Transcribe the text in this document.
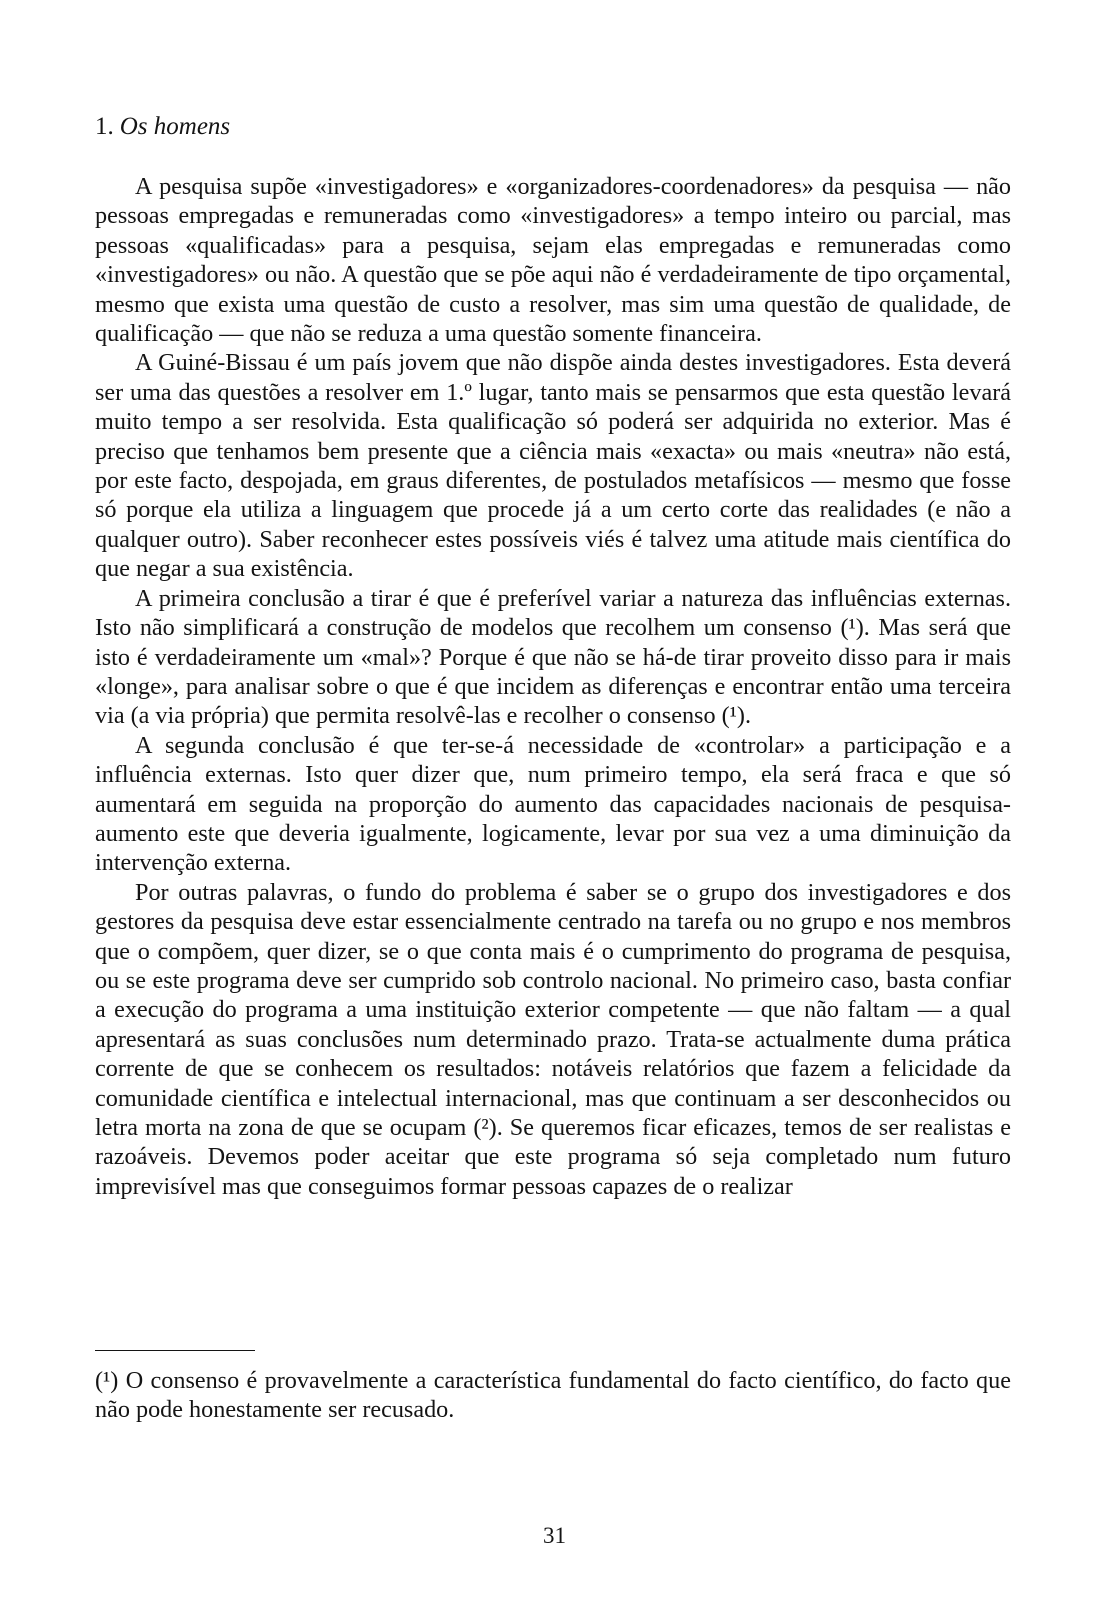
1. Os homens

A pesquisa supõe «investigadores» e «organizadores-coordenadores» da pesquisa — não pessoas empregadas e remuneradas como «investigadores» a tempo inteiro ou parcial, mas pessoas «qualificadas» para a pesquisa, sejam elas empregadas e remuneradas como «investigadores» ou não. A questão que se põe aqui não é verdadeiramente de tipo orçamental, mesmo que exista uma questão de custo a resolver, mas sim uma questão de qualidade, de qualificação — que não se reduza a uma questão somente financeira.

A Guiné-Bissau é um país jovem que não dispõe ainda destes investigadores. Esta deverá ser uma das questões a resolver em 1.º lugar, tanto mais se pensarmos que esta questão levará muito tempo a ser resolvida. Esta qualificação só poderá ser adquirida no exterior. Mas é preciso que tenhamos bem presente que a ciência mais «exacta» ou mais «neutra» não está, por este facto, despojada, em graus diferentes, de postulados metafísicos — mesmo que fosse só porque ela utiliza a linguagem que procede já a um certo corte das realidades (e não a qualquer outro). Saber reconhecer estes possíveis viés é talvez uma atitude mais científica do que negar a sua existência.

A primeira conclusão a tirar é que é preferível variar a natureza das influências externas. Isto não simplificará a construção de modelos que recolhem um consenso (¹). Mas será que isto é verdadeiramente um «mal»? Porque é que não se há-de tirar proveito disso para ir mais «longe», para analisar sobre o que é que incidem as diferenças e encontrar então uma terceira via (a via própria) que permita resolvê-las e recolher o consenso (¹).

A segunda conclusão é que ter-se-á necessidade de «controlar» a participação e a influência externas. Isto quer dizer que, num primeiro tempo, ela será fraca e que só aumentará em seguida na proporção do aumento das capacidades nacionais de pesquisa-aumento este que deveria igualmente, logicamente, levar por sua vez a uma diminuição da intervenção externa.

Por outras palavras, o fundo do problema é saber se o grupo dos investigadores e dos gestores da pesquisa deve estar essencialmente centrado na tarefa ou no grupo e nos membros que o compõem, quer dizer, se o que conta mais é o cumprimento do programa de pesquisa, ou se este programa deve ser cumprido sob controlo nacional. No primeiro caso, basta confiar a execução do programa a uma instituição exterior competente — que não faltam — a qual apresentará as suas conclusões num determinado prazo. Trata-se actualmente duma prática corrente de que se conhecem os resultados: notáveis relatórios que fazem a felicidade da comunidade científica e intelectual internacional, mas que continuam a ser desconhecidos ou letra morta na zona de que se ocupam (²). Se queremos ficar eficazes, temos de ser realistas e razoáveis. Devemos poder aceitar que este programa só seja completado num futuro imprevisível mas que conseguimos formar pessoas capazes de o realizar

(¹) O consenso é provavelmente a característica fundamental do facto científico, do facto que não pode honestamente ser recusado.

31
